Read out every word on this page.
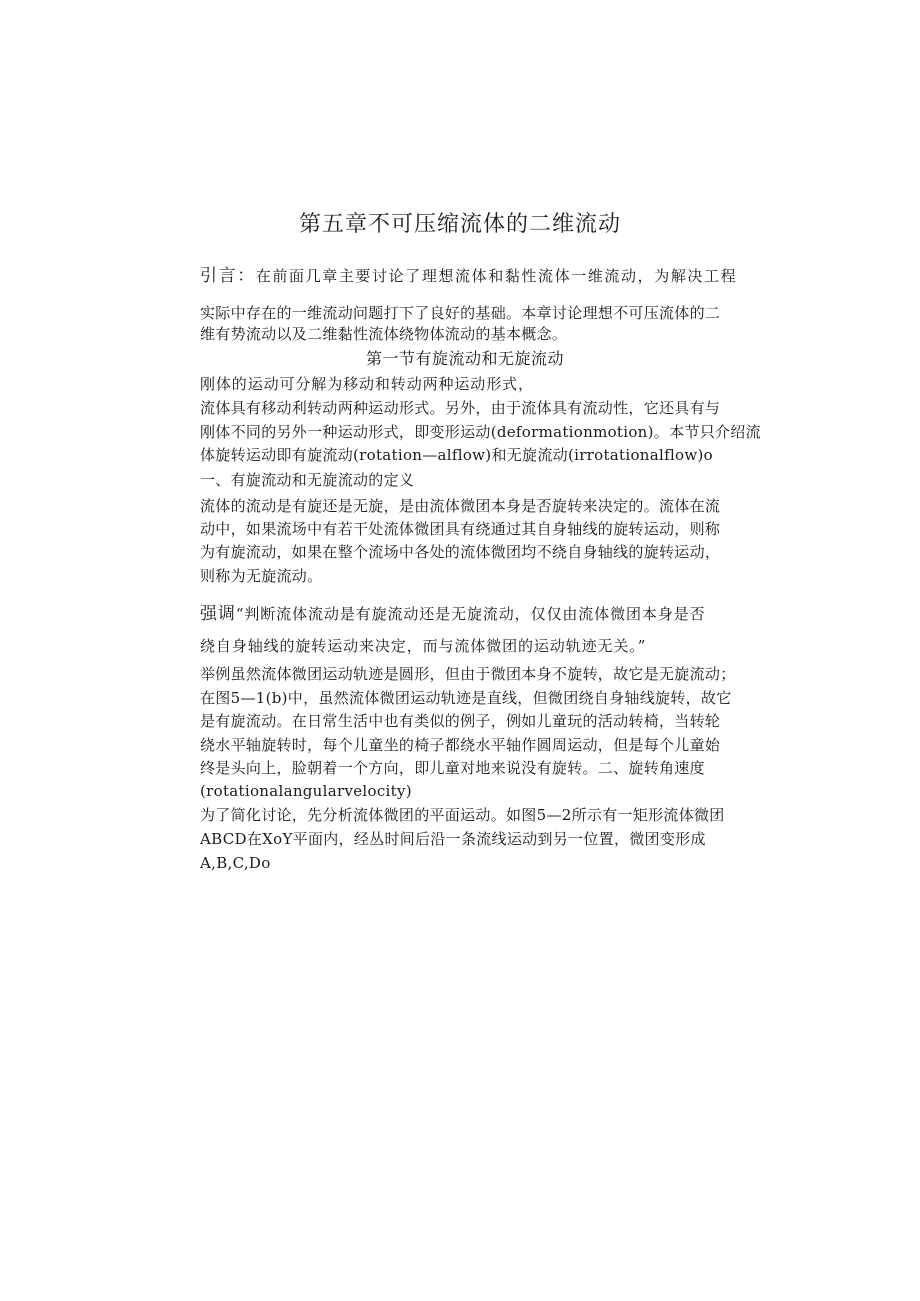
第五章不可压缩流体的二维流动
引言：在前面几章主要讨论了理想流体和黏性流体一维流动，为解决工程
实际中存在的一维流动问题打下了良好的基础。本章讨论理想不可压流体的二
维有势流动以及二维黏性流体绕物体流动的基本概念。
第一节有旋流动和无旋流动
刚体的运动可分解为移动和转动两种运动形式，
流体具有移动利转动两种运动形式。另外，由于流体具有流动性，它还具有与
刚体不同的另外一种运动形式，即变形运动(deformationmotion)。本节只介绍流
体旋转运动即有旋流动(rotation—alflow)和无旋流动(irrotationalflow)o
一、有旋流动和无旋流动的定义
流体的流动是有旋还是无旋，是由流体微团本身是否旋转来决定的。流体在流
动中，如果流场中有若干处流体微团具有绕通过其自身轴线的旋转运动，则称
为有旋流动，如果在整个流场中各处的流体微团均不绕自身轴线的旋转运动，
则称为无旋流动。
强调“判断流体流动是有旋流动还是无旋流动，仅仅由流体微团本身是否
绕自身轴线的旋转运动来决定，而与流体微团的运动轨迹无关。”
举例虽然流体微团运动轨迹是圆形，但由于微团本身不旋转，故它是无旋流动；
在图5—1(b)中，虽然流体微团运动轨迹是直线，但微团绕自身轴线旋转，故它
是有旋流动。在日常生活中也有类似的例子，例如儿童玩的活动转椅，当转轮
绕水平轴旋转时，每个儿童坐的椅子都绕水平轴作圆周运动，但是每个儿童始
终是头向上，脸朝着一个方向，即儿童对地来说没有旋转。二、旋转角速度
(rotationalangularvelocity)
为了简化讨论，先分析流体微团的平面运动。如图5—2所示有一矩形流体微团
ABCD在XoY平面内，经丛时间后沿一条流线运动到另一位置，微团变形成
A,B,C,Do
